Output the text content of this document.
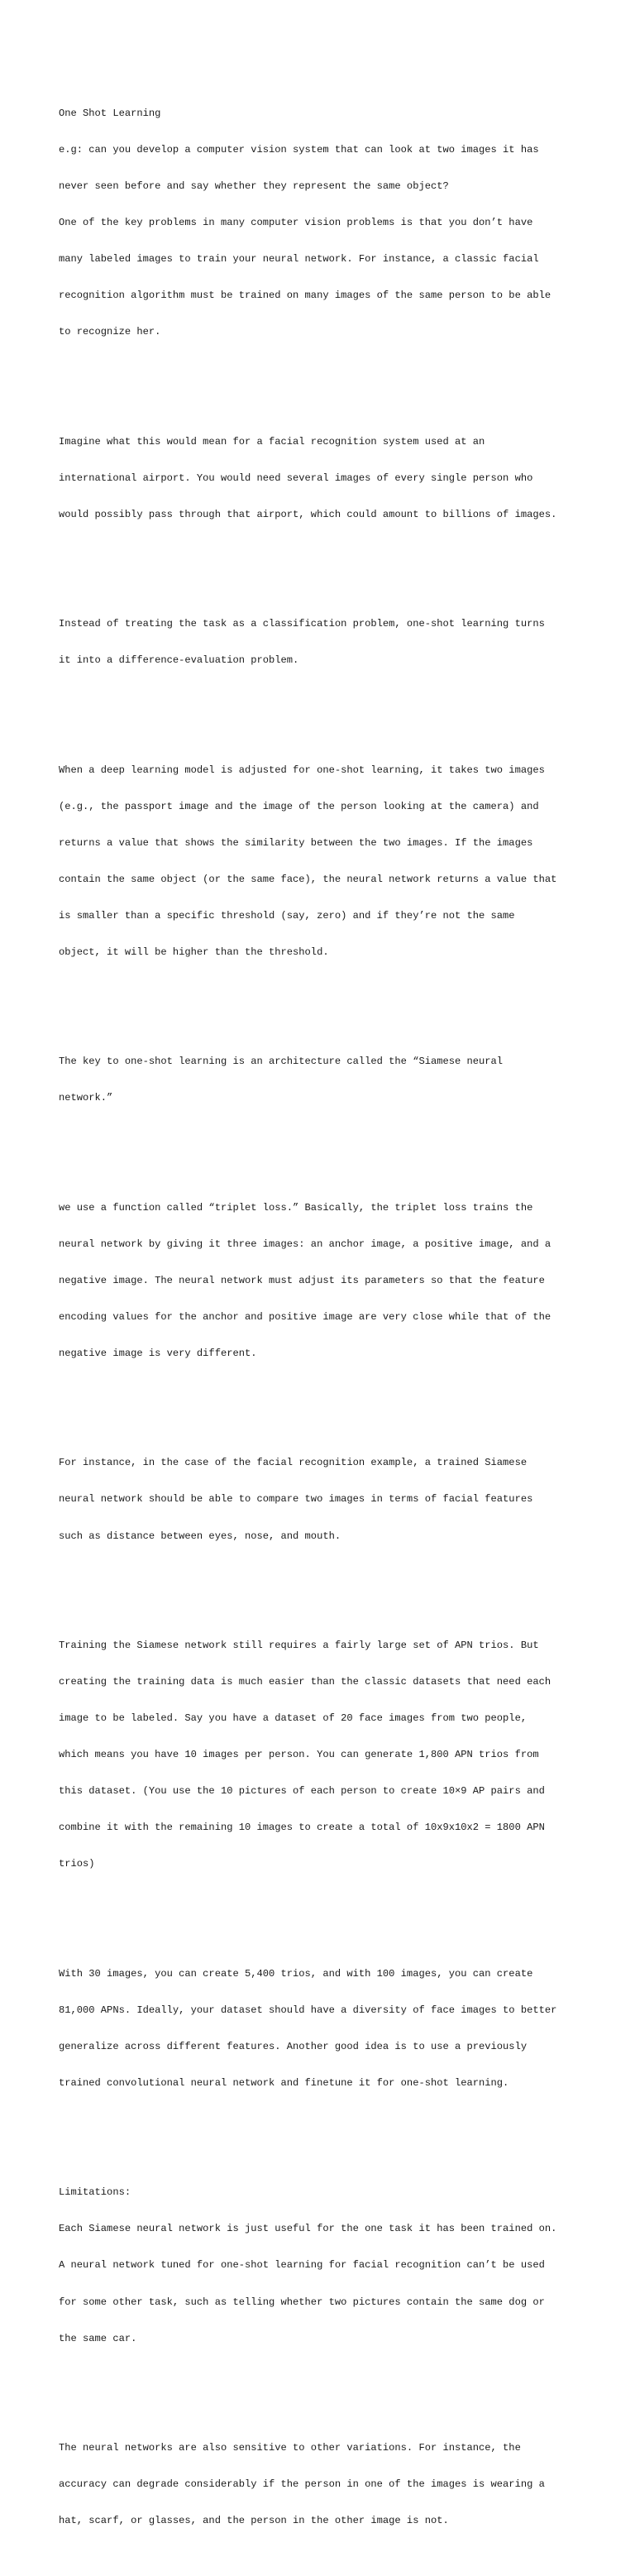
One Shot Learning

e.g: can you develop a computer vision system that can look at two images it has

never seen before and say whether they represent the same object?

One of the key problems in many computer vision problems is that you don’t have

many labeled images to train your neural network. For instance, a classic facial

recognition algorithm must be trained on many images of the same person to be able

to recognize her.

Imagine what this would mean for a facial recognition system used at an

international airport. You would need several images of every single person who

would possibly pass through that airport, which could amount to billions of images.

Instead of treating the task as a classification problem, one-shot learning turns

it into a difference-evaluation problem.

When a deep learning model is adjusted for one-shot learning, it takes two images

(e.g., the passport image and the image of the person looking at the camera) and

returns a value that shows the similarity between the two images. If the images

contain the same object (or the same face), the neural network returns a value that

is smaller than a specific threshold (say, zero) and if they’re not the same

object, it will be higher than the threshold.

The key to one-shot learning is an architecture called the “Siamese neural

network.”

we use a function called “triplet loss.” Basically, the triplet loss trains the

neural network by giving it three images: an anchor image, a positive image, and a

negative image. The neural network must adjust its parameters so that the feature

encoding values for the anchor and positive image are very close while that of the

negative image is very different.

For instance, in the case of the facial recognition example, a trained Siamese

neural network should be able to compare two images in terms of facial features

such as distance between eyes, nose, and mouth.

Training the Siamese network still requires a fairly large set of APN trios. But

creating the training data is much easier than the classic datasets that need each

image to be labeled. Say you have a dataset of 20 face images from two people,

which means you have 10 images per person. You can generate 1,800 APN trios from

this dataset. (You use the 10 pictures of each person to create 10×9 AP pairs and

combine it with the remaining 10 images to create a total of 10x9x10x2 = 1800 APN

trios)

With 30 images, you can create 5,400 trios, and with 100 images, you can create

81,000 APNs. Ideally, your dataset should have a diversity of face images to better

generalize across different features. Another good idea is to use a previously

trained convolutional neural network and finetune it for one-shot learning.

Limitations:

Each Siamese neural network is just useful for the one task it has been trained on.

A neural network tuned for one-shot learning for facial recognition can’t be used

for some other task, such as telling whether two pictures contain the same dog or

the same car.

The neural networks are also sensitive to other variations. For instance, the

accuracy can degrade considerably if the person in one of the images is wearing a

hat, scarf, or glasses, and the person in the other image is not.
